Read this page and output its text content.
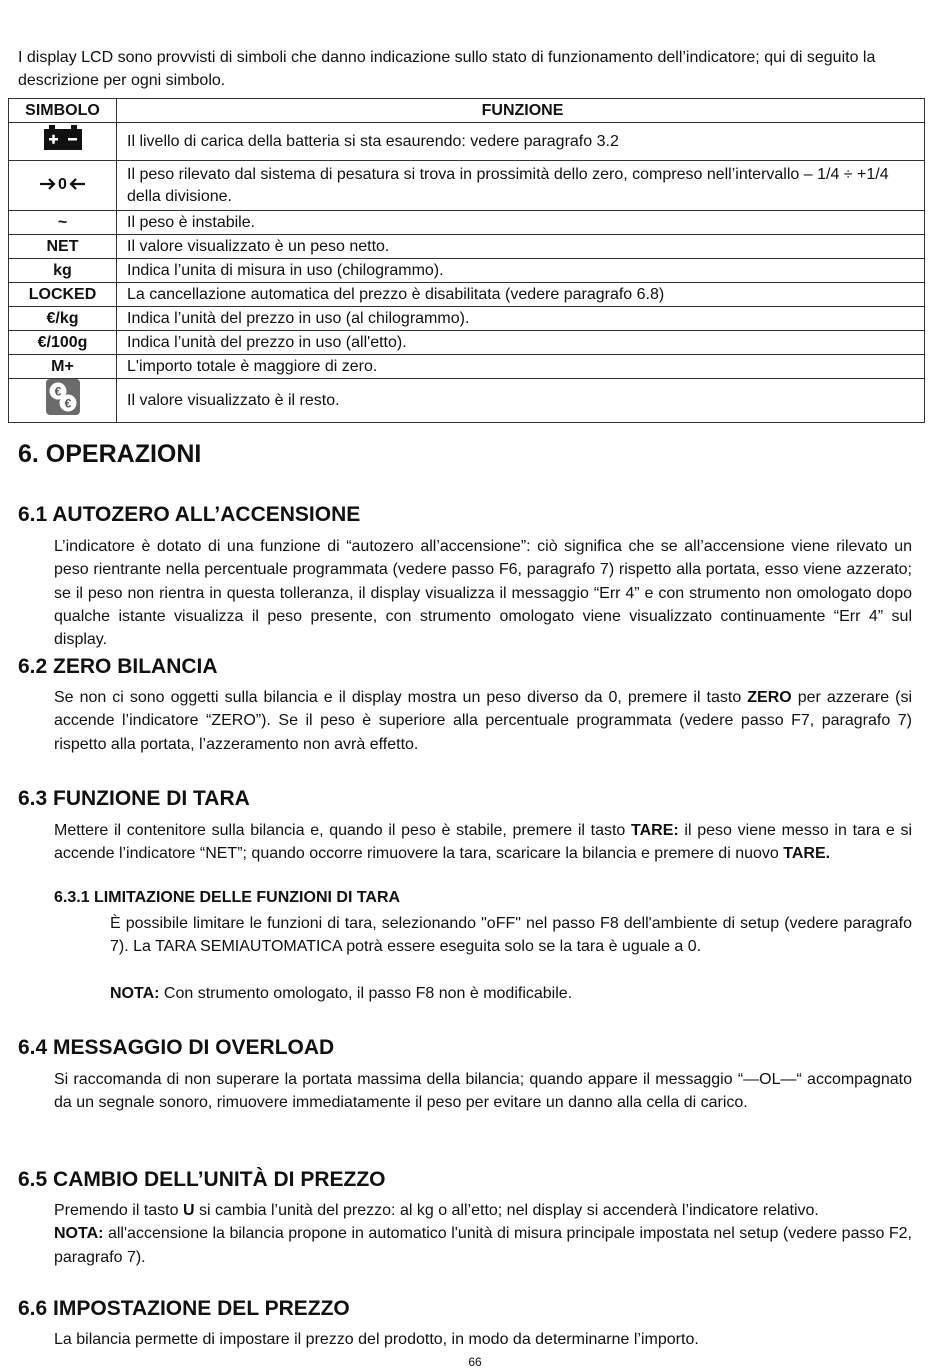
I display LCD sono provvisti di simboli che danno indicazione sullo stato di funzionamento dell’indicatore; qui di seguito la descrizione per ogni simbolo.
SIMBOLO	FUNZIONE
	Il livello di carica della batteria si sta esaurendo: vedere paragrafo 3.2

0	Il peso rilevato dal sistema di pesatura si trova in prossimità dello zero, compreso nell’intervallo – 1/4 ÷ +1/4 della divisione.
~	Il peso è instabile.
NET	Il valore visualizzato è un peso netto.
kg	Indica l’unita di misura in uso (chilogrammo).
LOCKED	La cancellazione automatica del prezzo è disabilitata (vedere paragrafo 6.8)
€/kg	Indica l’unità del prezzo in uso (al chilogrammo).
€/100g	Indica l’unità del prezzo in uso (all'etto).
M+	L'importo totale è maggiore di zero.

€
€	Il valore visualizzato è il resto.
6. OPERAZIONI
6.1 AUTOZERO ALL’ACCENSIONE
L’indicatore è dotato di una funzione di “autozero all’accensione”: ciò significa che se all’accensione viene rilevato un peso rientrante nella percentuale programmata (vedere passo F6, paragrafo 7) rispetto alla portata, esso viene azzerato; se il peso non rientra in questa tolleranza, il display visualizza il messaggio “Err 4” e con strumento non omologato dopo qualche istante visualizza il peso presente, con strumento omologato viene visualizzato continuamente “Err 4” sul display.
6.2 ZERO BILANCIA
Se non ci sono oggetti sulla bilancia e il display mostra un peso diverso da 0, premere il tasto ZERO per azzerare (si accende l’indicatore “ZERO”). Se il peso è superiore alla percentuale programmata (vedere passo F7, paragrafo 7) rispetto alla portata, l’azzeramento non avrà effetto.
6.3 FUNZIONE DI TARA
Mettere il contenitore sulla bilancia e, quando il peso è stabile, premere il tasto TARE: il peso viene messo in tara e si accende l’indicatore “NET”; quando occorre rimuovere la tara, scaricare la bilancia e premere di nuovo TARE.
6.3.1 LIMITAZIONE DELLE FUNZIONI DI TARA
È possibile limitare le funzioni di tara, selezionando "oFF" nel passo F8 dell'ambiente di setup (vedere paragrafo 7). La TARA SEMIAUTOMATICA potrà essere eseguita solo se la tara è uguale a 0.
NOTA: Con strumento omologato, il passo F8 non è modificabile.
6.4 MESSAGGIO DI OVERLOAD
Si raccomanda di non superare la portata massima della bilancia; quando appare il messaggio “—OL—“ accompagnato da un segnale sonoro, rimuovere immediatamente il peso per evitare un danno alla cella di carico.
6.5 CAMBIO DELL’UNITÀ DI PREZZO
Premendo il tasto U si cambia l’unità del prezzo: al kg o all’etto; nel display si accenderà l’indicatore relativo.
NOTA: all'accensione la bilancia propone in automatico l'unità di misura principale impostata nel setup (vedere passo F2, paragrafo 7).
6.6 IMPOSTAZIONE DEL PREZZO
La bilancia permette di impostare il prezzo del prodotto, in modo da determinarne l’importo.
66
